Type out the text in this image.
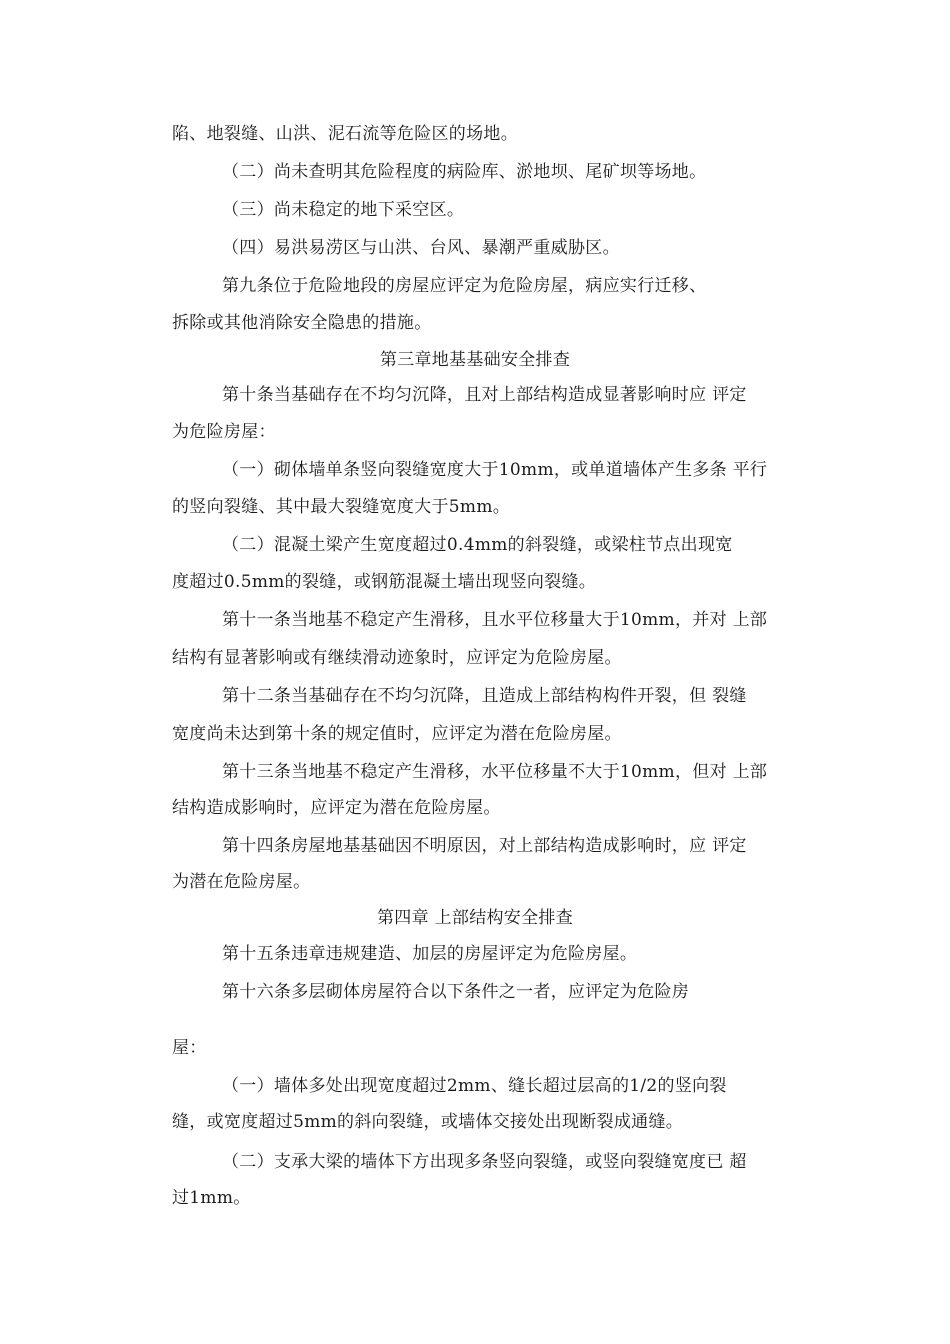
陷、地裂缝、山洪、泥石流等危险区的场地。
（二）尚未查明其危险程度的病险库、淤地坝、尾矿坝等场地。
（三）尚未稳定的地下采空区。
（四）易洪易涝区与山洪、台风、暴潮严重威胁区。
第九条位于危险地段的房屋应评定为危险房屋，病应实行迁移、
拆除或其他消除安全隐患的措施。
第三章地基基础安全排查
第十条当基础存在不均匀沉降，且对上部结构造成显著影响时应 评定
为危险房屋：
（一）砌体墙单条竖向裂缝宽度大于10mm，或单道墙体产生多条 平行
的竖向裂缝、其中最大裂缝宽度大于5mm。
（二）混凝土梁产生宽度超过0.4mm的斜裂缝，或梁柱节点出现宽
度超过0.5mm的裂缝，或钢筋混凝土墙出现竖向裂缝。
第十一条当地基不稳定产生滑移，且水平位移量大于10mm，并对 上部
结构有显著影响或有继续滑动迹象时，应评定为危险房屋。
第十二条当基础存在不均匀沉降，且造成上部结构构件开裂，但 裂缝
宽度尚未达到第十条的规定值时，应评定为潜在危险房屋。
第十三条当地基不稳定产生滑移，水平位移量不大于10mm，但对 上部
结构造成影响时，应评定为潜在危险房屋。
第十四条房屋地基基础因不明原因，对上部结构造成影响时，应 评定
为潜在危险房屋。
第四章 上部结构安全排查
第十五条违章违规建造、加层的房屋评定为危险房屋。
第十六条多层砌体房屋符合以下条件之一者，应评定为危险房
屋：
（一）墙体多处出现宽度超过2mm、缝长超过层高的1/2的竖向裂
缝，或宽度超过5mm的斜向裂缝，或墙体交接处出现断裂成通缝。
（二）支承大梁的墙体下方出现多条竖向裂缝，或竖向裂缝宽度已 超
过1mm。
